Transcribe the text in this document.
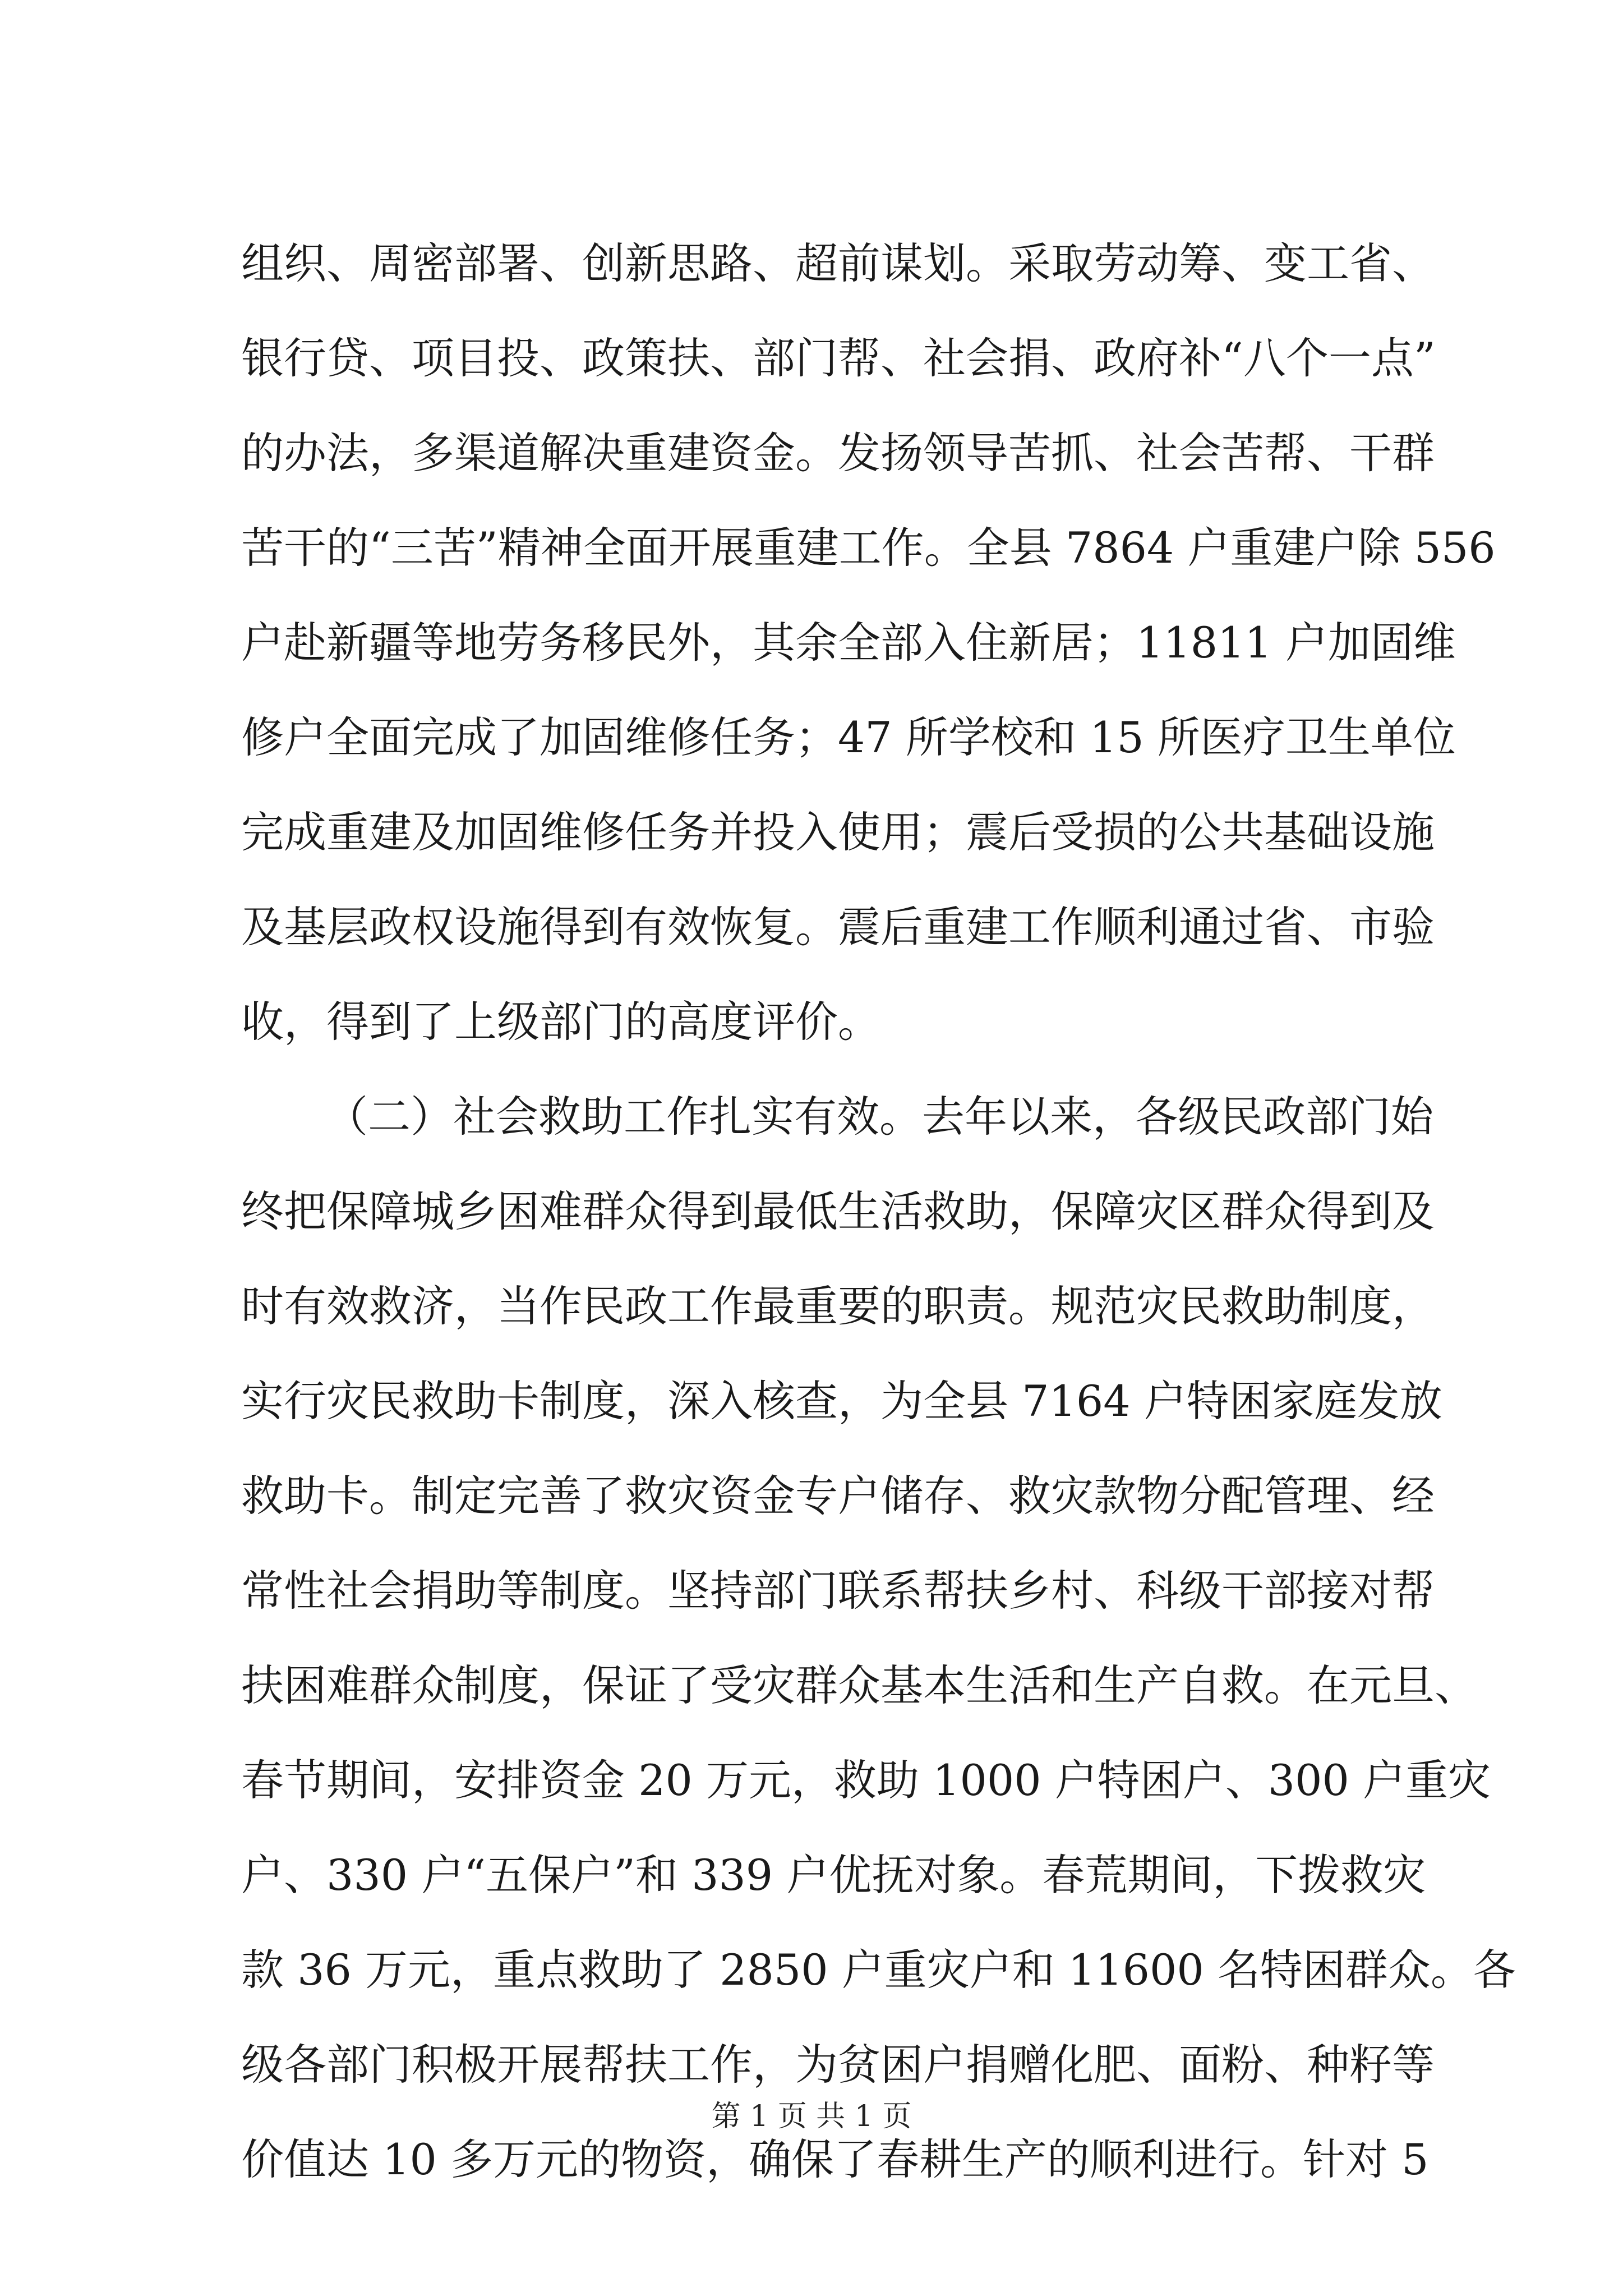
组织、周密部署、创新思路、超前谋划。采取劳动筹、变工省、
银行贷、项目投、政策扶、部门帮、社会捐、政府补“八个一点”
的办法，多渠道解决重建资金。发扬领导苦抓、社会苦帮、干群
苦干的“三苦”精神全面开展重建工作。全县 7864 户重建户除 556
户赴新疆等地劳务移民外，其余全部入住新居；11811 户加固维
修户全面完成了加固维修任务；47 所学校和 15 所医疗卫生单位
完成重建及加固维修任务并投入使用；震后受损的公共基础设施
及基层政权设施得到有效恢复。震后重建工作顺利通过省、市验
收，得到了上级部门的高度评价。
（二）社会救助工作扎实有效。去年以来，各级民政部门始
终把保障城乡困难群众得到最低生活救助，保障灾区群众得到及
时有效救济，当作民政工作最重要的职责。规范灾民救助制度，
实行灾民救助卡制度，深入核查，为全县 7164 户特困家庭发放
救助卡。制定完善了救灾资金专户储存、救灾款物分配管理、经
常性社会捐助等制度。坚持部门联系帮扶乡村、科级干部接对帮
扶困难群众制度，保证了受灾群众基本生活和生产自救。在元旦、
春节期间，安排资金 20 万元，救助 1000 户特困户、300 户重灾
户、330 户“五保户”和 339 户优抚对象。春荒期间，下拨救灾
款 36 万元，重点救助了 2850 户重灾户和 11600 名特困群众。各
级各部门积极开展帮扶工作，为贫困户捐赠化肥、面粉、种籽等
价值达 10 多万元的物资，确保了春耕生产的顺利进行。针对 5
第 1 页 共 1 页
